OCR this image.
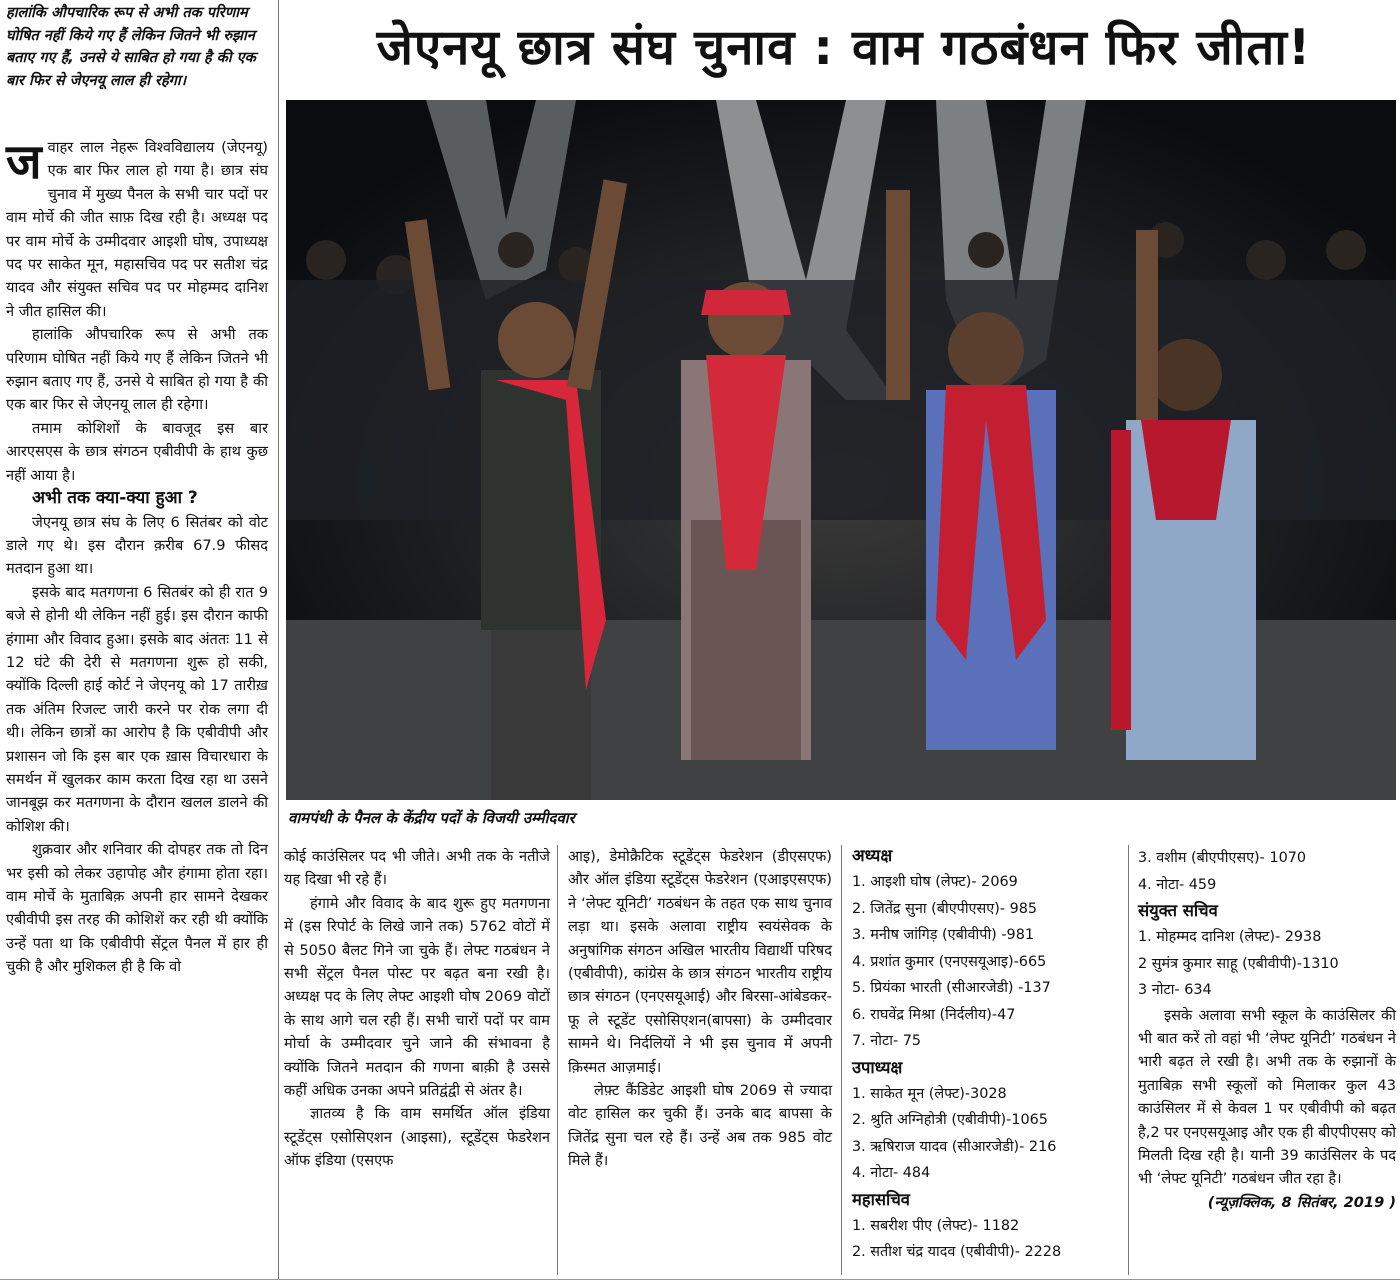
हालांकि औपचारिक रूप से अभी तक परिणाम घोषित नहीं किये गए हैं लेकिन जितने भी रुझान बताए गए हैं, उनसे ये साबित हो गया है की एक बार फिर से जेएनयू लाल ही रहेगा।
जेएनयू छात्र संघ चुनाव : वाम गठबंधन फिर जीता!
वामपंथी के पैनल के केंद्रीय पदों के विजयी उम्मीदवार

जवाहर लाल नेहरू विश्वविद्यालय (जेएनयू) एक बार फिर लाल हो गया है। छात्र संघ चुनाव में मुख्य पैनल के सभी चार पदों पर वाम मोर्चे की जीत साफ़ दिख रही है। अध्यक्ष पद पर वाम मोर्चे के उम्मीदवार आइशी घोष, उपाध्यक्ष पद पर साकेत मून, महासचिव पद पर सतीश चंद्र यादव और संयुक्त सचिव पद पर मोहम्मद दानिश ने जीत हासिल की।

हालांकि औपचारिक रूप से अभी तक परिणाम घोषित नहीं किये गए हैं लेकिन जितने भी रुझान बताए गए हैं, उनसे ये साबित हो गया है की एक बार फिर से जेएनयू लाल ही रहेगा।

तमाम कोशिशों के बावजूद इस बार आरएसएस के छात्र संगठन एबीवीपी के हाथ कुछ नहीं आया है।

अभी तक क्या-क्या हुआ ?

जेएनयू छात्र संघ के लिए 6 सितंबर को वोट डाले गए थे। इस दौरान क़रीब 67.9 फीसद मतदान हुआ था।

इसके बाद मतगणना 6 सितबंर को ही रात 9 बजे से होनी थी लेकिन नहीं हुई। इस दौरान काफी हंगामा और विवाद हुआ। इसके बाद अंततः 11 से 12 घंटे की देरी से मतगणना शुरू हो सकी, क्योंकि दिल्ली हाई कोर्ट ने जेएनयू को 17 तारीख़ तक अंतिम रिजल्ट जारी करने पर रोक लगा दी थी। लेकिन छात्रों का आरोप है कि एबीवीपी और प्रशासन जो कि इस बार एक ख़ास विचारधारा के समर्थन में खुलकर काम करता दिख रहा था उसने जानबूझ कर मतगणना के दौरान खलल डालने की कोशिश की।

शुक्रवार और शनिवार की दोपहर तक तो दिन भर इसी को लेकर उहापोह और हंगामा होता रहा। वाम मोर्चे के मुताबिक़ अपनी हार सामने देखकर एबीवीपी इस तरह की कोशिशें कर रही थी क्योंकि उन्हें पता था कि एबीवीपी सेंट्रल पैनल में हार ही चुकी है और मुशिकल ही है कि वो

कोई काउंसिलर पद भी जीते। अभी तक के नतीजे यह दिखा भी रहे हैं।

हंगामे और विवाद के बाद शुरू हुए मतगणना में (इस रिपोर्ट के लिखे जाने तक) 5762 वोटों में से 5050 बैलट गिने जा चुके हैं। लेफ्ट गठबंधन ने सभी सेंट्रल पैनल पोस्ट पर बढ़त बना रखी है। अध्यक्ष पद के लिए लेफ्ट आइशी घोष 2069 वोटों के साथ आगे चल रही हैं। सभी चारों पदों पर वाम मोर्चा के उम्मीदवार चुने जाने की संभावना है क्योंकि जितने मतदान की गणना बाक़ी है उससे कहीं अधिक उनका अपने प्रतिद्वंद्वी से अंतर है।

ज्ञातव्य है कि वाम समर्थित ऑल इंडिया स्टूडेंट्स एसोसिएशन (आइसा), स्टूडेंट्स फेडरेशन ऑफ इंडिया (एसएफ

आइ), डेमोक्रैटिक स्टूडेंट्स फेडरेशन (डीएसएफ) और ऑल इंडिया स्टूडेंट्स फेडरेशन (एआइएसएफ) ने ‘लेफ्ट यूनिटी’ गठबंधन के तहत एक साथ चुनाव लड़ा था। इसके अलावा राष्ट्रीय स्वयंसेवक के अनुषांगिक संगठन अखिल भारतीय विद्यार्थी परिषद (एबीवीपी), कांग्रेस के छात्र संगठन भारतीय राष्ट्रीय छात्र संगठन (एनएसयूआई) और बिरसा-आंबेडकर-फू ले स्टूडेंट एसोसिएशन(बापसा) के उम्मीदवार सामने थे। निर्दलियों ने भी इस चुनाव में अपनी क़िस्मत आज़माई।

लेफ़्ट कैंडिडेट आइशी घोष 2069 से ज्यादा वोट हासिल कर चुकी हैं। उनके बाद बापसा के जितेंद्र सुना चल रहे हैं। उन्हें अब तक 985 वोट मिले हैं।

अध्यक्ष
1. आइशी घोष (लेफ्ट)- 2069
2. जितेंद्र सुना (बीएपीएसए)- 985
3. मनीष जांगिड़ (एबीवीपी) -981
4. प्रशांत कुमार (एनएसयूआइ)-665
5. प्रियंका भारती (सीआरजेडी) -137
6. राघवेंद्र मिश्रा (निर्दलीय)-47
7. नोटा- 75
उपाध्यक्ष
1. साकेत मून (लेफ्ट)-3028
2. श्रुति अग्निहोत्री (एबीवीपी)-1065
3. ऋषिराज यादव (सीआरजेडी)- 216
4. नोटा- 484
महासचिव
1. सबरीश पीए (लेफ्ट)- 1182
2. सतीश चंद्र यादव (एबीवीपी)- 2228
3. वशीम (बीएपीएसए)- 1070
4. नोटा- 459
संयुक्त सचिव
1. मोहम्मद दानिश (लेफ्ट)- 2938
2 सुमंत्र कुमार साहू (एबीवीपी)-1310
3 नोटा- 634

इसके अलावा सभी स्कूल के काउंसिलर की भी बात करें तो वहां भी ‘लेफ्ट यूनिटी’ गठबंधन ने भारी बढ़त ले रखी है। अभी तक के रुझानों के मुताबिक़ सभी स्कूलों को मिलाकर कुल 43 काउंसिलर में से केवल 1 पर एबीवीपी को बढ़त है,2 पर एनएसयूआइ और एक ही बीएपीएसए को मिलती दिख रही है। यानी 39 काउंसिलर के पद भी ‘लेफ्ट यूनिटी’ गठबंधन जीत रहा है।

(न्यूज़क्लिक, 8 सितंबर, 2019 )
